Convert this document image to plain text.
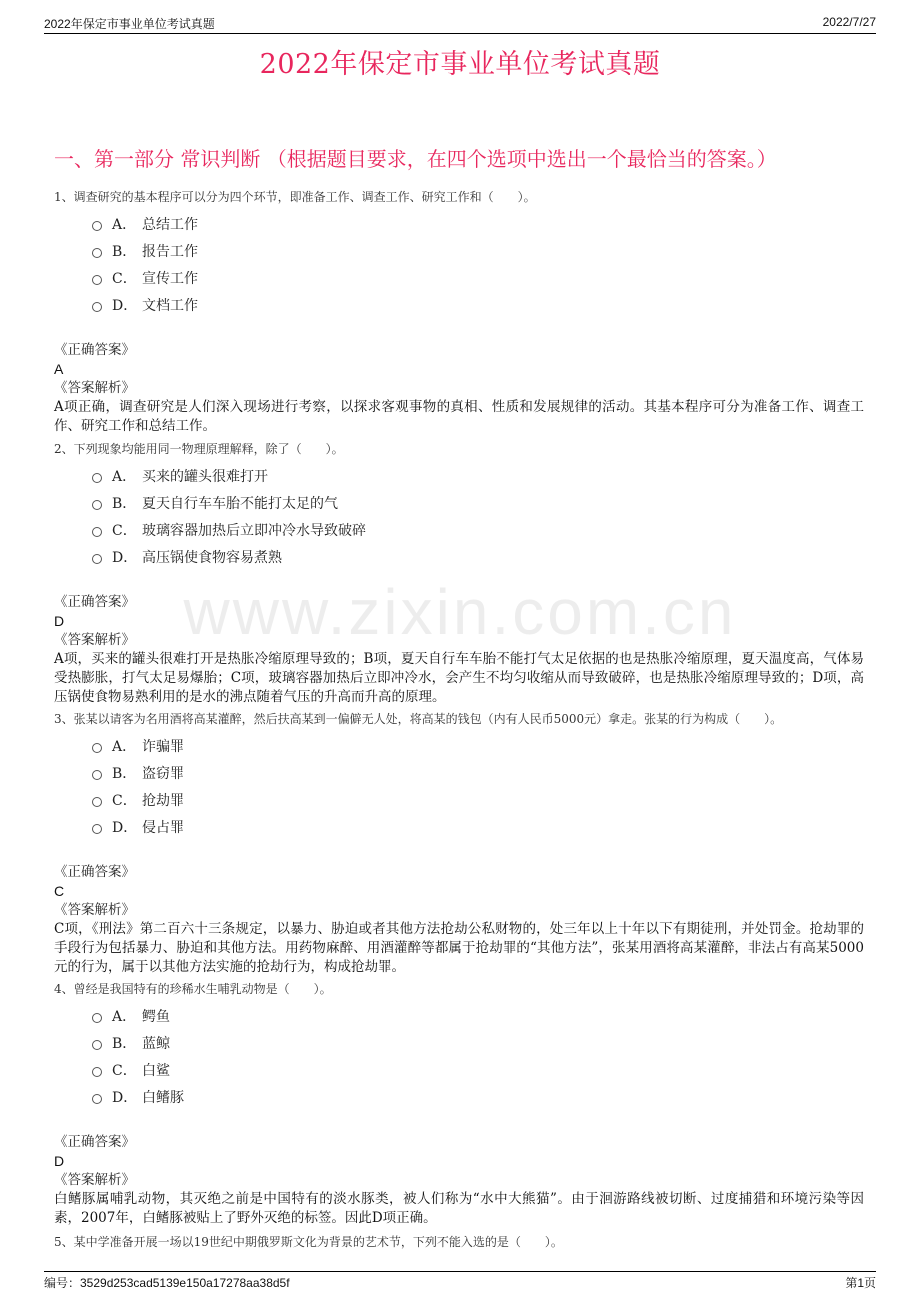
2022年保定市事业单位考试真题	2022/7/27
2022年保定市事业单位考试真题
一、第一部分 常识判断 （根据题目要求，在四个选项中选出一个最恰当的答案。）
www.zixin.com.cn
1、调查研究的基本程序可以分为四个环节，即准备工作、调查工作、研究工作和（　　）。
A． 总结工作
B． 报告工作
C． 宣传工作
D． 文档工作
《正确答案》
A
《答案解析》
A项正确，调查研究是人们深入现场进行考察，以探求客观事物的真相、性质和发展规律的活动。其基本程序可分为准备工作、调查工作、研究工作和总结工作。
2、下列现象均能用同一物理原理解释，除了（　　）。
A． 买来的罐头很难打开
B． 夏天自行车车胎不能打太足的气
C． 玻璃容器加热后立即冲冷水导致破碎
D． 高压锅使食物容易煮熟
《正确答案》
D
《答案解析》
A项，买来的罐头很难打开是热胀冷缩原理导致的；B项，夏天自行车车胎不能打气太足依据的也是热胀冷缩原理，夏天温度高，气体易受热膨胀，打气太足易爆胎；C项，玻璃容器加热后立即冲冷水，会产生不均匀收缩从而导致破碎，也是热胀冷缩原理导致的；D项，高压锅使食物易熟利用的是水的沸点随着气压的升高而升高的原理。
3、张某以请客为名用酒将高某灌醉，然后扶高某到一偏僻无人处，将高某的钱包（内有人民币5000元）拿走。张某的行为构成（　　）。
A． 诈骗罪
B． 盗窃罪
C． 抢劫罪
D． 侵占罪
《正确答案》
C
《答案解析》
C项，《刑法》第二百六十三条规定，以暴力、胁迫或者其他方法抢劫公私财物的，处三年以上十年以下有期徒刑，并处罚金。抢劫罪的手段行为包括暴力、胁迫和其他方法。用药物麻醉、用酒灌醉等都属于抢劫罪的“其他方法”，张某用酒将高某灌醉，非法占有高某5000元的行为，属于以其他方法实施的抢劫行为，构成抢劫罪。
4、曾经是我国特有的珍稀水生哺乳动物是（　　）。
A． 鳄鱼
B． 蓝鲸
C． 白鲨
D． 白鳍豚
《正确答案》
D
《答案解析》
白鳍豚属哺乳动物，其灭绝之前是中国特有的淡水豚类，被人们称为“水中大熊猫”。由于洄游路线被切断、过度捕猎和环境污染等因素，2007年，白鳍豚被贴上了野外灭绝的标签。因此D项正确。
5、某中学准备开展一场以19世纪中期俄罗斯文化为背景的艺术节，下列不能入选的是（　　）。
编号：3529d253cad5139e150a17278aa38d5f	第1页
